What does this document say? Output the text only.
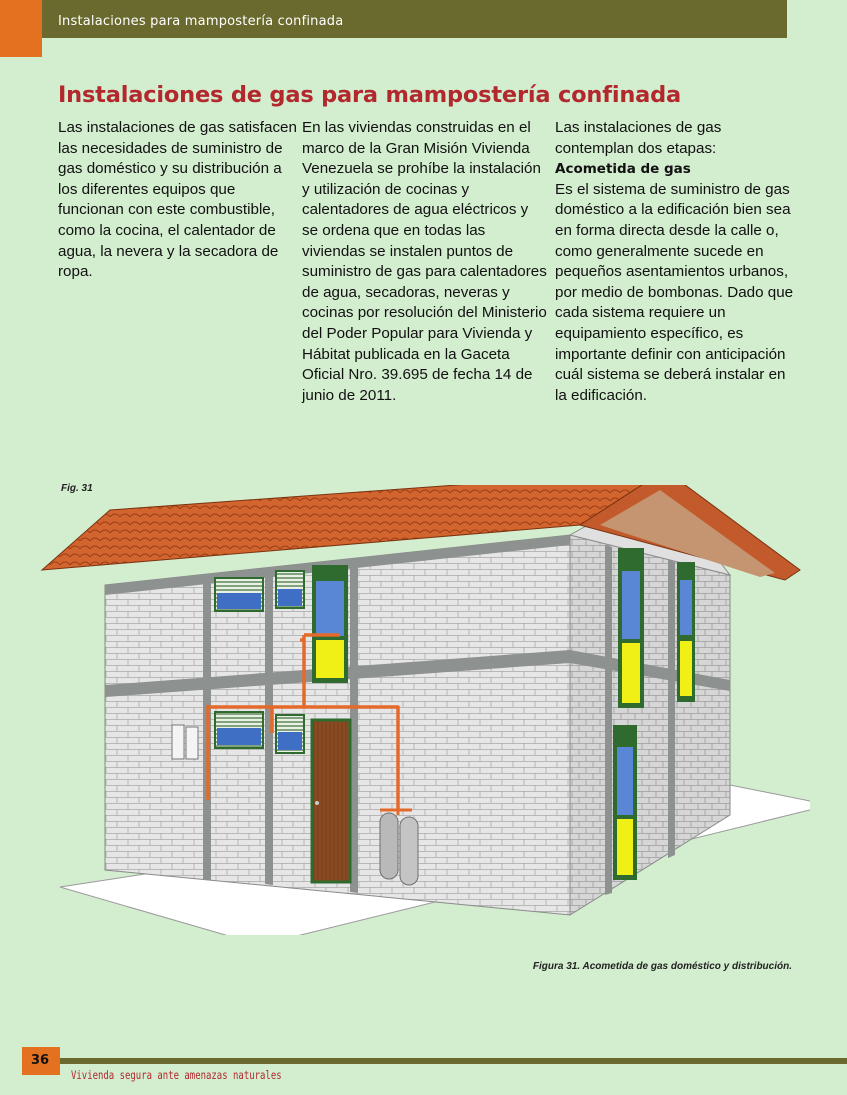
Instalaciones para mampostería confinada
Instalaciones de gas para mampostería confinada

Las instalaciones de gas satisfacen las necesidades de suministro de gas doméstico y su distribución a los diferentes equipos que funcionan con este combustible, como la cocina, el calentador de agua, la nevera y la secadora de ropa.

En las viviendas construidas en el marco de la Gran Misión Vivienda Venezuela se prohíbe la instalación y utilización de cocinas y calentadores de agua eléctricos y se ordena que en todas las viviendas se instalen puntos de suministro de gas para calentadores de agua, secadoras, neveras y cocinas por resolución del Ministerio del Poder Popular para Vivienda y Hábitat publicada en la Gaceta Oficial Nro. 39.695 de fecha 14 de junio de 2011.

Las instalaciones de gas contemplan dos etapas:

Acometida de gas

Es el sistema de suministro de gas doméstico a la edificación bien sea en forma directa desde la calle o, como generalmente sucede en pequeños asentamientos urbanos, por medio de bombonas. Dado que cada sistema requiere un equipamiento específico, es importante definir con anticipación cuál sistema se deberá instalar en la edificación.

Fig. 31
Figura 31. Acometida de gas doméstico y distribución.
36
Vivienda segura ante amenazas naturales
